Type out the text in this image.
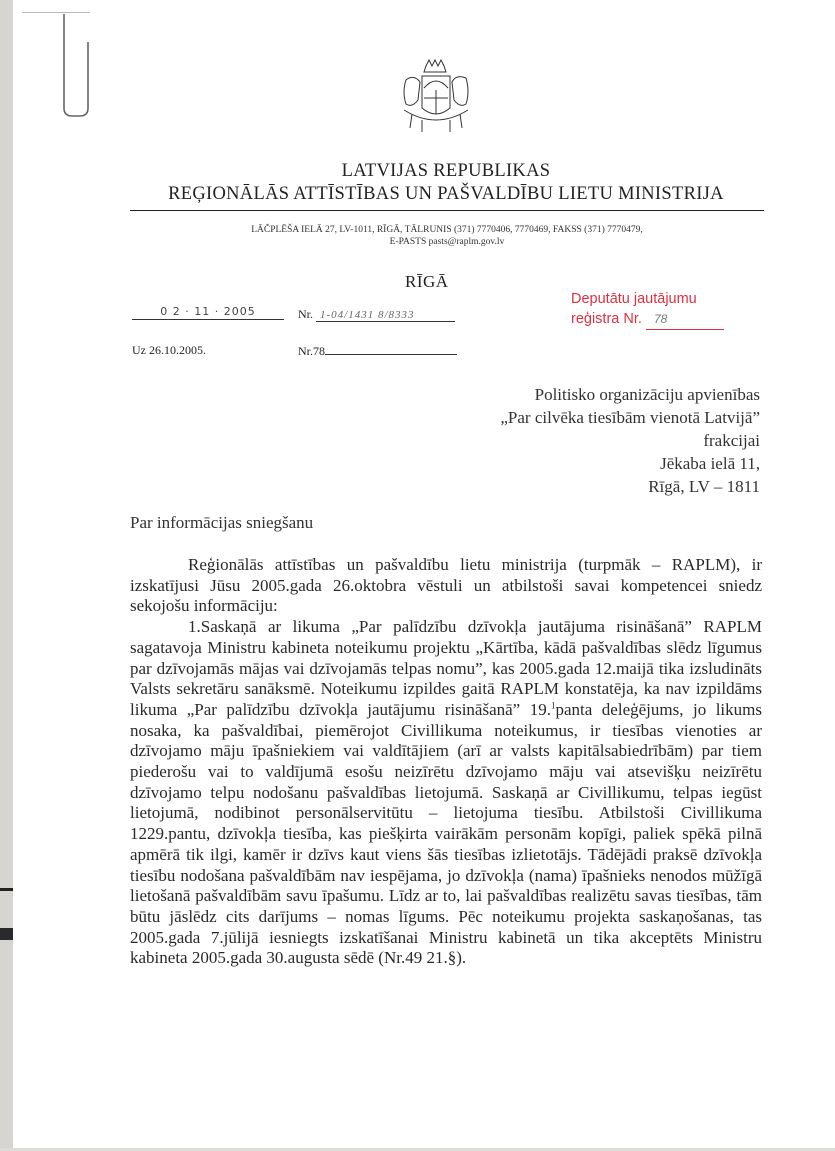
LATVIJAS REPUBLIKAS
REĢIONĀLĀS ATTĪSTĪBAS UN PAŠVALDĪBU LIETU MINISTRIJA
LĀČPLĒŠA IELĀ 27, LV-1011, RĪGĀ, TĀLRUNIS (371) 7770406, 7770469, FAKSS (371) 7770479,
E-PASTS pasts@raplm.gov.lv
RĪGĀ
0 2 · 11 · 2005	Nr. 1-04/1431 8/8333
Uz 26.10.2005.	Nr.78
Deputātu jautājumu
reģistra Nr. 78
Politisko organizāciju apvienības
„Par cilvēka tiesībām vienotā Latvijā”
frakcijai
Jēkaba ielā 11,
Rīgā, LV – 1811
Par informācijas sniegšanu

Reģionālās attīstības un pašvaldību lietu ministrija (turpmāk – RAPLM), ir izskatījusi Jūsu 2005.gada 26.oktobra vēstuli un atbilstoši savai kompetencei sniedz sekojošu informāciju:

1.Saskaņā ar likuma „Par palīdzību dzīvokļa jautājuma risināšanā” RAPLM sagatavoja Ministru kabineta noteikumu projektu „Kārtība, kādā pašvaldības slēdz līgumus par dzīvojamās mājas vai dzīvojamās telpas nomu”, kas 2005.gada 12.maijā tika izsludināts Valsts sekretāru sanāksmē. Noteikumu izpildes gaitā RAPLM konstatēja, ka nav izpildāms likuma „Par palīdzību dzīvokļa jautājumu risināšanā” 19.$^1$panta deleģējums, jo likums nosaka, ka pašvaldībai, piemērojot Civillikuma noteikumus, ir tiesības vienoties ar dzīvojamo māju īpašniekiem vai valdītājiem (arī ar valsts kapitālsabiedrībām) par tiem piederošu vai to valdījumā esošu neizīrētu dzīvojamo māju vai atsevišķu neizīrētu dzīvojamo telpu nodošanu pašvaldības lietojumā. Saskaņā ar Civillikumu, telpas iegūst lietojumā, nodibinot personālservitūtu – lietojuma tiesību. Atbilstoši Civillikuma 1229.pantu, dzīvokļa tiesība, kas piešķirta vairākām personām kopīgi, paliek spēkā pilnā apmērā tik ilgi, kamēr ir dzīvs kaut viens šās tiesības izlietotājs. Tādējādi praksē dzīvokļa tiesību nodošana pašvaldībām nav iespējama, jo dzīvokļa (nama) īpašnieks nenodos mūžīgā lietošanā pašvaldībām savu īpašumu. Līdz ar to, lai pašvaldības realizētu savas tiesības, tām būtu jāslēdz cits darījums – nomas līgums. Pēc noteikumu projekta saskaņošanas, tas 2005.gada 7.jūlijā iesniegts izskatīšanai Ministru kabinetā un tika akceptēts Ministru kabineta 2005.gada 30.augusta sēdē (Nr.49 21.§).
